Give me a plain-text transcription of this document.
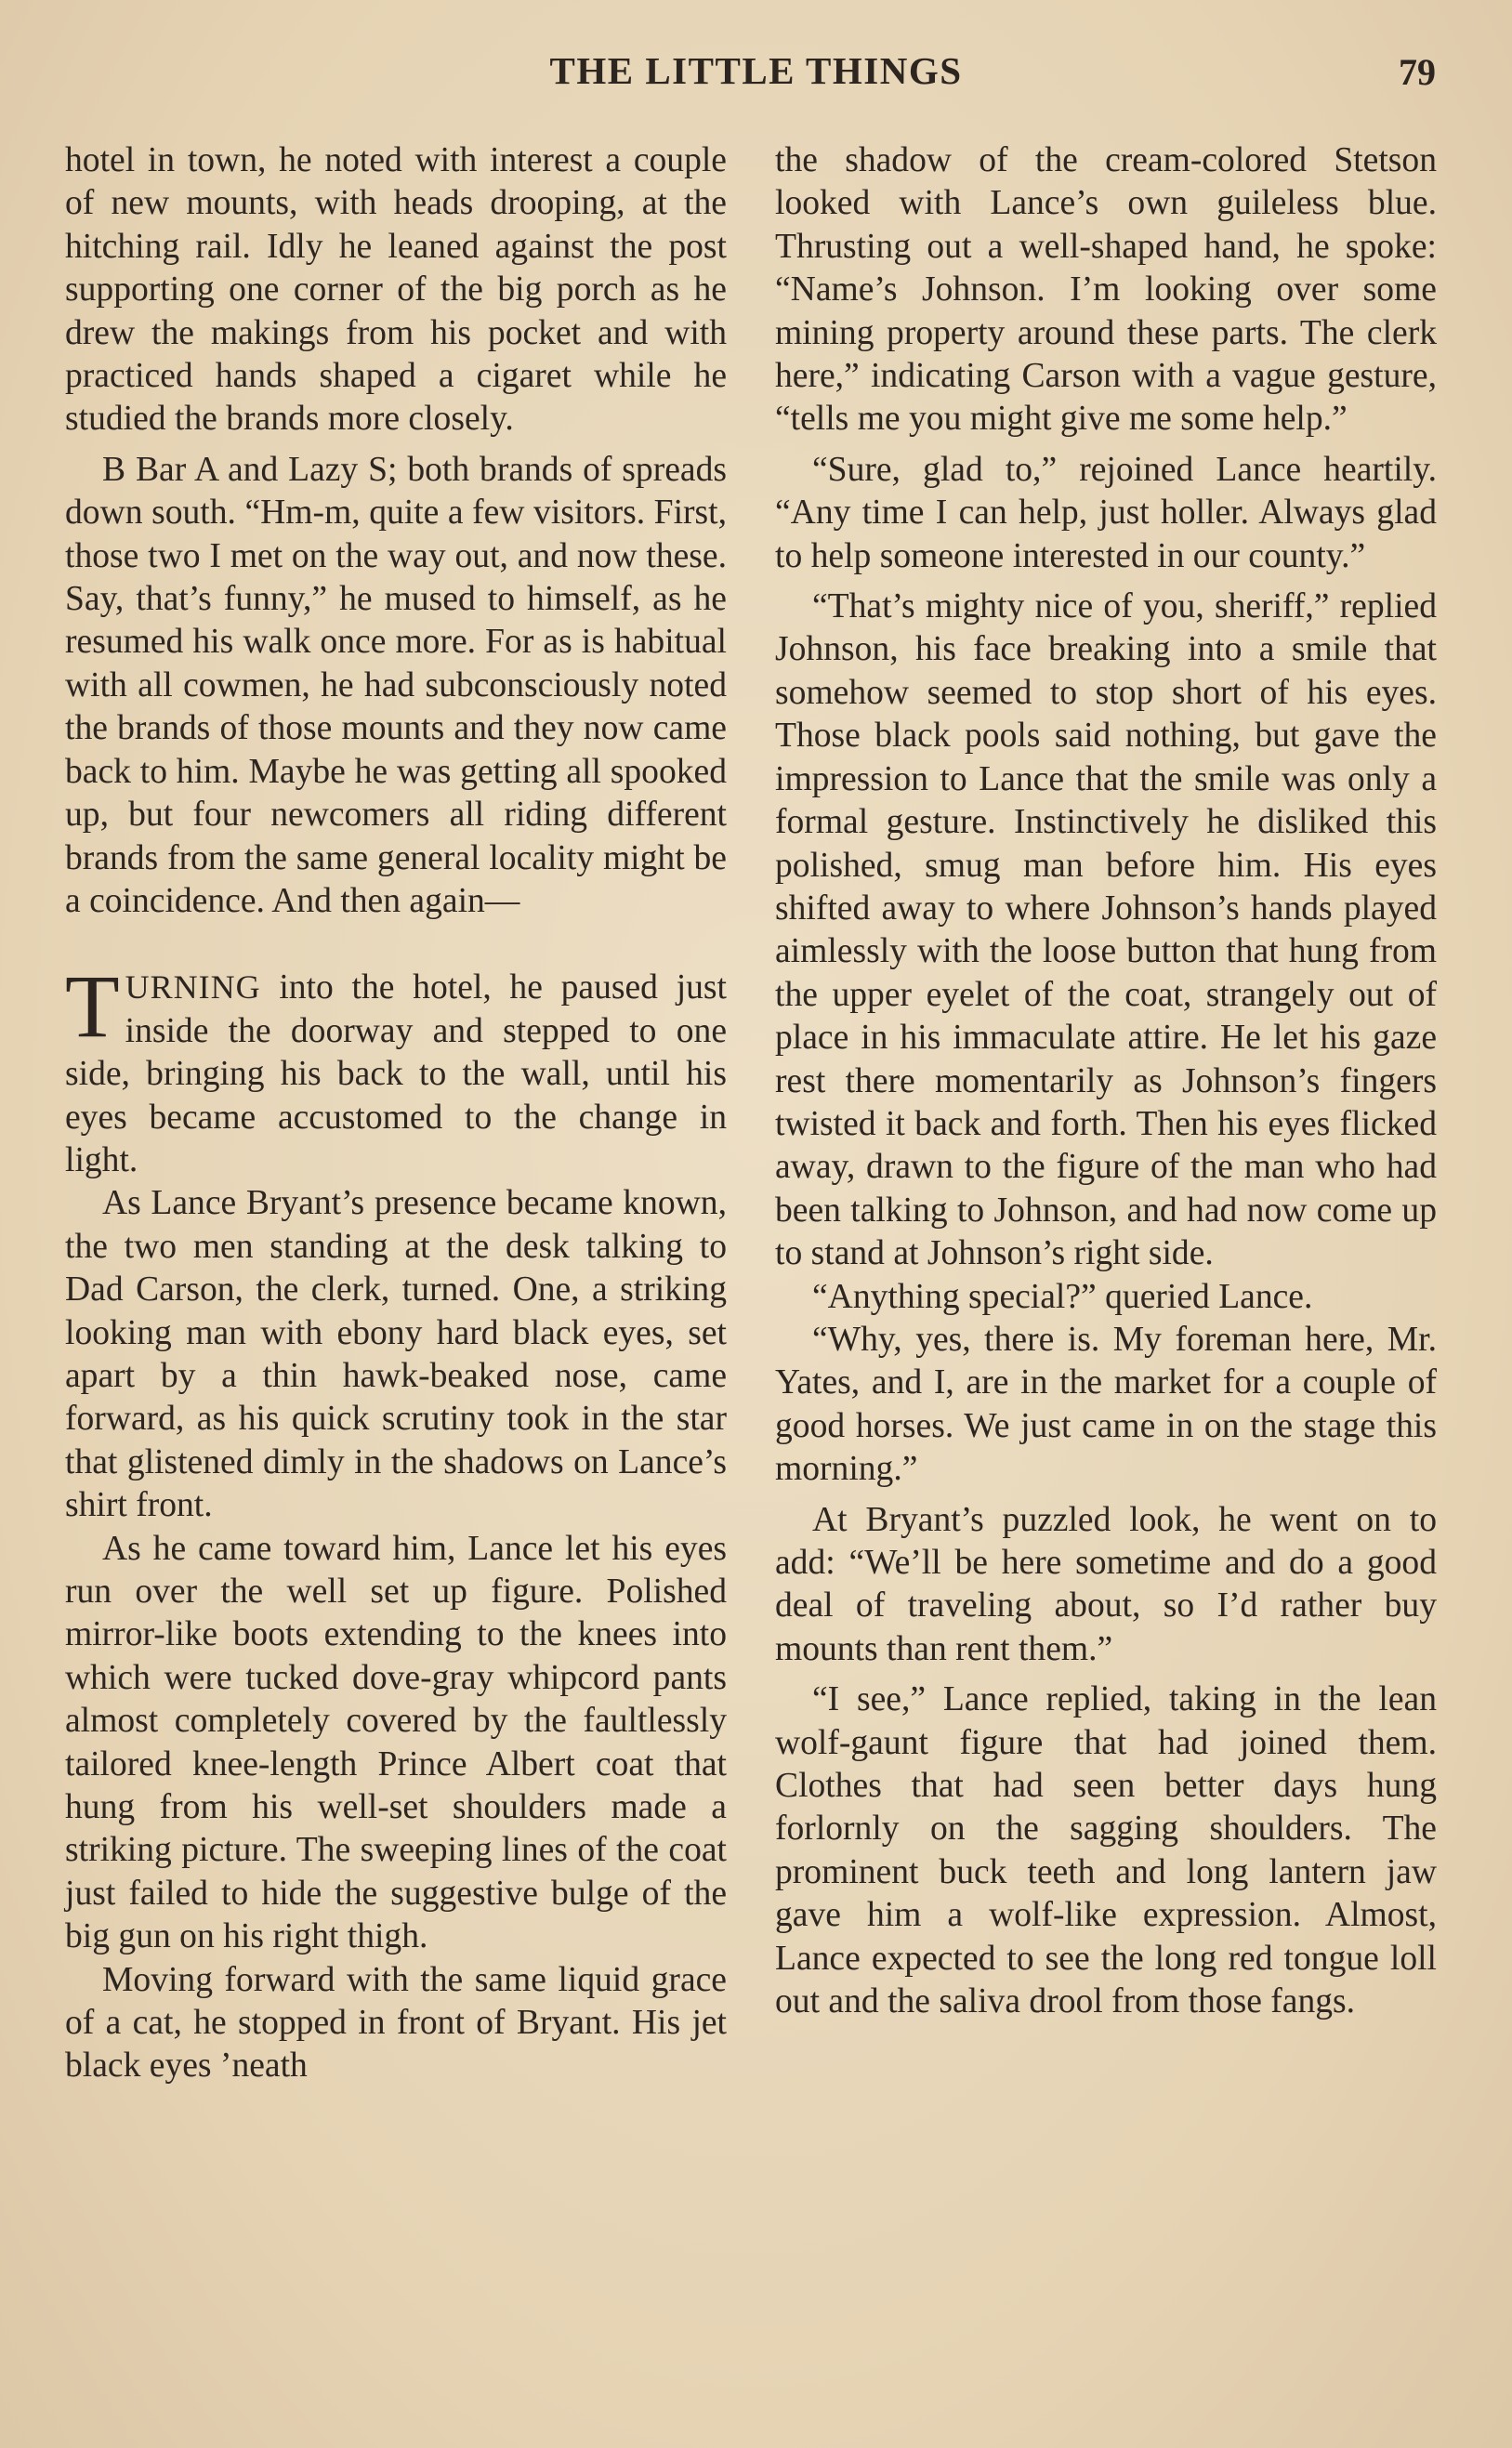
THE LITTLE THINGS	79

hotel in town, he noted with interest a couple of new mounts, with heads drooping, at the hitching rail. Idly he leaned against the post supporting one corner of the big porch as he drew the makings from his pocket and with practiced hands shaped a cigaret while he studied the brands more closely.

B Bar A and Lazy S; both brands of spreads down south. “Hm-m, quite a few visitors. First, those two I met on the way out, and now these. Say, that’s funny,” he mused to himself, as he resumed his walk once more. For as is habitual with all cowmen, he had subconsciously noted the brands of those mounts and they now came back to him. Maybe he was getting all spooked up, but four newcomers all riding different brands from the same general locality might be a coincidence. And then again—

TURNING into the hotel, he paused just inside the doorway and stepped to one side, bringing his back to the wall, until his eyes became accustomed to the change in light.

As Lance Bryant’s presence became known, the two men standing at the desk talking to Dad Carson, the clerk, turned. One, a striking looking man with ebony hard black eyes, set apart by a thin hawk-beaked nose, came forward, as his quick scrutiny took in the star that glistened dimly in the shadows on Lance’s shirt front.

As he came toward him, Lance let his eyes run over the well set up figure. Polished mirror-like boots extending to the knees into which were tucked dove-gray whipcord pants almost completely covered by the faultlessly tailored knee-length Prince Albert coat that hung from his well-set shoulders made a striking picture. The sweeping lines of the coat just failed to hide the suggestive bulge of the big gun on his right thigh.

Moving forward with the same liquid grace of a cat, he stopped in front of Bryant. His jet black eyes ’neath

the shadow of the cream-colored Stetson looked with Lance’s own guileless blue. Thrusting out a well-shaped hand, he spoke: “Name’s Johnson. I’m looking over some mining property around these parts. The clerk here,” indicating Carson with a vague gesture, “tells me you might give me some help.”

“Sure, glad to,” rejoined Lance heartily. “Any time I can help, just holler. Always glad to help someone interested in our county.”

“That’s mighty nice of you, sheriff,” replied Johnson, his face breaking into a smile that somehow seemed to stop short of his eyes. Those black pools said nothing, but gave the impression to Lance that the smile was only a formal gesture. Instinctively he disliked this polished, smug man before him. His eyes shifted away to where Johnson’s hands played aimlessly with the loose button that hung from the upper eyelet of the coat, strangely out of place in his immaculate attire. He let his gaze rest there momentarily as Johnson’s fingers twisted it back and forth. Then his eyes flicked away, drawn to the figure of the man who had been talking to Johnson, and had now come up to stand at Johnson’s right side.

“Anything special?” queried Lance.

“Why, yes, there is. My foreman here, Mr. Yates, and I, are in the market for a couple of good horses. We just came in on the stage this morning.”

At Bryant’s puzzled look, he went on to add: “We’ll be here sometime and do a good deal of traveling about, so I’d rather buy mounts than rent them.”

“I see,” Lance replied, taking in the lean wolf-gaunt figure that had joined them. Clothes that had seen better days hung forlornly on the sagging shoulders. The prominent buck teeth and long lantern jaw gave him a wolf-like expression. Almost, Lance expected to see the long red tongue loll out and the saliva drool from those fangs.
